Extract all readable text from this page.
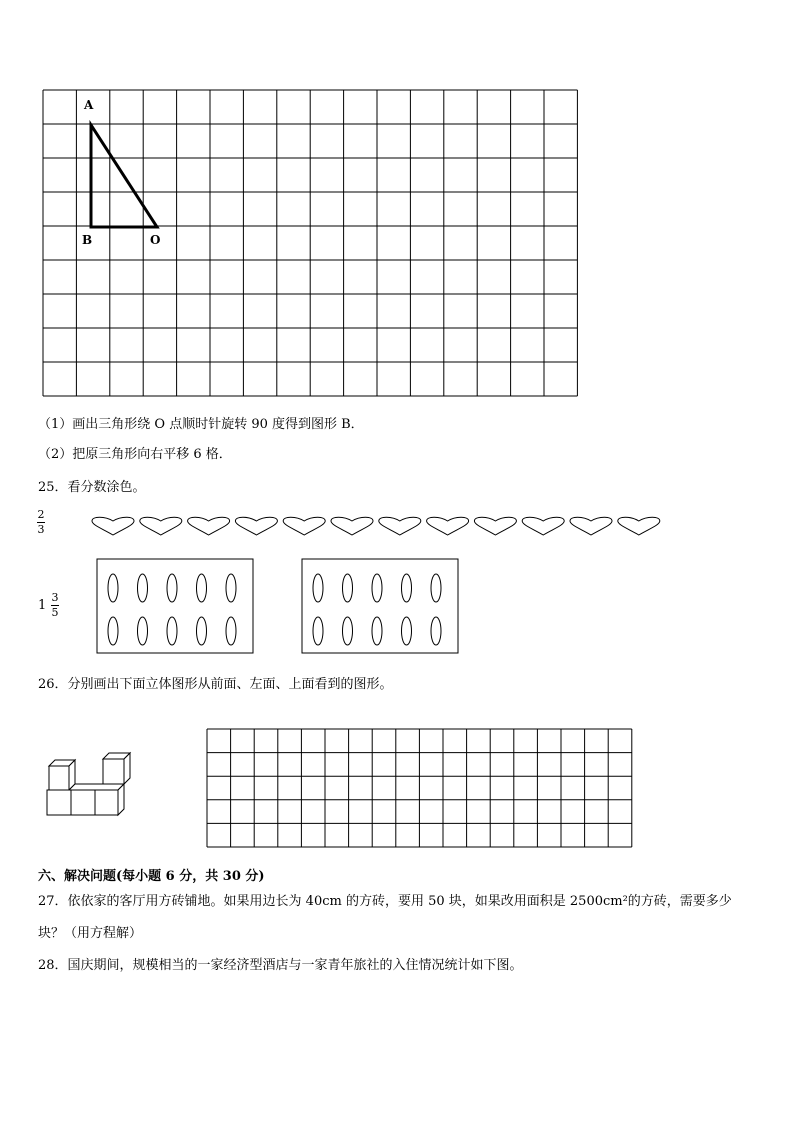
A
B	O
（1）画出三角形绕 O 点顺时针旋转 90 度得到图形 B．
（2）把原三角形向右平移 6 格．
25．看分数涂色。
2
3
1
3
5
26．分别画出下面立体图形从前面、左面、上面看到的图形。
六、解决问题(每小题 6 分，共 30 分)
27．依依家的客厅用方砖铺地。如果用边长为 40cm 的方砖，要用 50 块，如果改用面积是 2500cm²的方砖，需要多少
块？（用方程解）
28．国庆期间，规模相当的一家经济型酒店与一家青年旅社的入住情况统计如下图。
